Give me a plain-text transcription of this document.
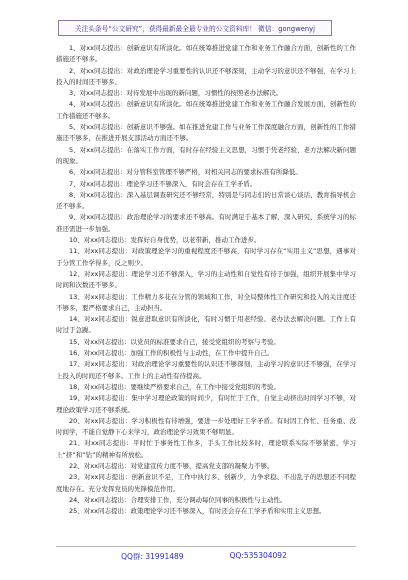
关注头条号“公文研究”，获得最新最全最专业的公文资料库！ 微信：gongwenyj

1、对xx同志提出：创新意识有所淡化。如在统筹推进党建工作和业务工作融合方面，创新性的工作措施还不够多。

2、对xx同志提出：对政治理论学习重要性的认识还不够深刻，主动学习的意识还不够强，在学习上投入的时间还不够多。

3、对xx同志提出：对待发展中出现的新问题，习惯性的按照老办法解决。

4、对xx同志提出：创新意识有所淡化。如在统筹推进党建工作和业务工作融合发展方面，创新性的工作措施还不够多。

5、对xx同志提出：创新意识不够强。如在推进党建工作与业务工作深度融合方面，创新性的工作措施还不够多，在推进开展支部活动方面还不够。

5、对xx同志提出：在落实工作方面，有时存在经验主义思想，习惯于凭老经验、老方法解决新问题的现象。

6、对xx同志提出：对分管科室管理不够严格，对相关同志的要求标准有所降低。

7、对xx同志提出：理论学习还不够深入，有时会存在工学矛盾。

8、对xx同志提出：深入基层调查研究还不够经常，特别是与同志们的日常谈心谈话、教育指导机会还不够多。

9、对xx同志提出：政治理论学习的要求还不够高。有时满足于基本了解，深入研究、系统学习的标准还需进一步加强。

10、对xx同志提出：发挥好自身优势，以老带新，推动工作进步。

11、对xx同志提出：对政策理论学习的重视程度还不够高，有时学习存在“实用主义”思想，遇事对于分管工作学得多，反之则少。

12、对xx同志提出：理论学习还不够深入，学习的主动性和自觉性有待于加强，组织开展集中学习时间和次数还不够多。

13、对xx同志提出：工作精力多花在分管的领域和工作，对全局整体性工作研究和投入的关注度还不够多，要严格要求自己，主动担当。

14、对xx同志提出：锐意进取意识有所淡化，有时习惯于用老经验、老办法去解决问题。工作上有时过于急躁。

15、对xx同志提出：以党员的标准要求自己，接受党组织的考察与考验。

16、对xx同志提出：加强工作的积极性与主动性，在工作中提升自己。

17、对xx同志提出：对政治理论学习重要性的认识还不够深刻，主动学习的意识还不够强，在学习上投入的时间还不够多。工作上的主动性有待提高。

18、对xx同志提出：要继续严格要求自己，在工作中接受党组织的考验。

19、对xx同志提出：集中学习理论政策的时间少，有时忙于工作，自觉主动挤出时间学习不够，对理论政策学习还不够系统。

20、对xx同志提出：学习积极性有待增强，要进一步处理好工学矛盾。有时因工作忙、任务重、没时间学，不能自觉静下心来学习，政治理论学习效果不够明显。

21、对xx同志提出：平时忙于事务性工作多，手头工作比较多时，理论联系实际不够紧密，学习上“挤”和“钻”的精神有所放松。

22、对xx同志提出：对党建宣传力度不够，提高党支部的凝聚力不够。

23、对xx同志提出：创新意识不足，工作中执行多、创新少，力争求稳、不出乱子的思想还不同程度地存在。充分发挥党员的先锋模范作用。

24、对xx同志提出：合理安排工作，充分调动每位同事的积极性与主动性。

25、对xx同志提出：政策理论学习还不够深入，有时还会存在工学矛盾和实用主义思想。

QQ群: 31991489	QQ:535304092
